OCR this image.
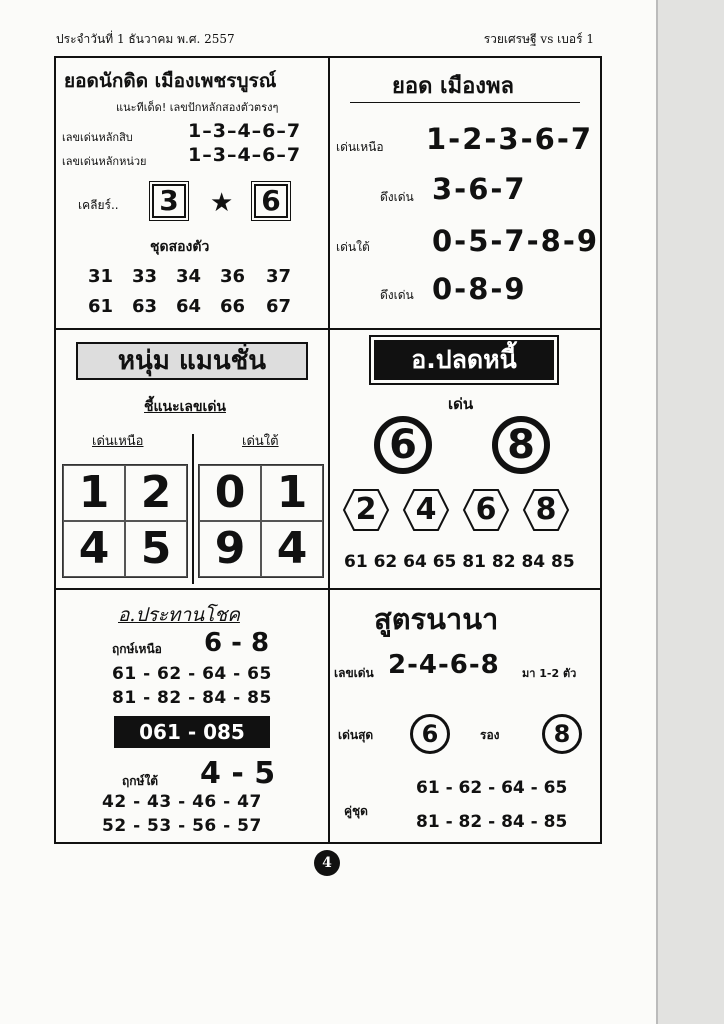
ประจำวันที่ 1 ธันวาคม พ.ศ. 2557	รวยเศรษฐี vs เบอร์ 1
ยอดนักดิด เมืองเพชรบูรณ์
แนะทีเด็ด! เลขปักหลักสองตัวตรงๆ
เลขเด่นหลักสิบ	1–3–4–6–7
เลขเด่นหลักหน่วย 1–3–4–6–7
เคลียร์.. 3 ★ 6
ชุดสองตัว
31 33 34 36 37
61 63 64 66 67
ยอด เมืองพล
เด่นเหนือ 1-2-3-6-7
ดึงเด่น 3-6-7
เด่นใต้ 0-5-7-8-9
ดึงเด่น 0-8-9
หนุ่ม แมนชั่น
ชี้แนะเลขเด่น
เด่นเหนือ	เด่นใต้
1 2
4 5
0 1
9 4
อ.ปลดหนี้
เด่น
6	8
2	4	6	8
61 62 64 65 81 82 84 85
อ.ประทานโชค
ฤกษ์เหนือ 6 - 8
61 - 62 - 64 - 65
81 - 82 - 84 - 85
061 - 085
ฤกษ์ใต้ 4 - 5
42 - 43 - 46 - 47
52 - 53 - 56 - 57
สูตรนานา
เลขเด่น 2-4-6-8 มา 1-2 ตัว
เด่นสุด	6	รอง	8
คู่ชุด
61 - 62 - 64 - 65
81 - 82 - 84 - 85
4
